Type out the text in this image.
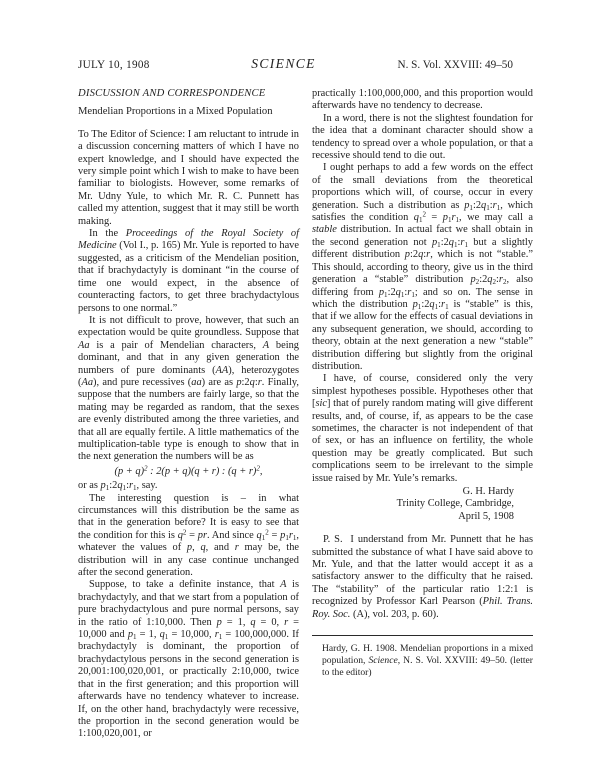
JULY 10, 1908	SCIENCE	N. S. Vol. XXVIII: 49–50
DISCUSSION AND CORRESPONDENCE
Mendelian Proportions in a Mixed Population

To The Editor of Science: I am reluctant to intrude in a discussion concerning matters of which I have no expert knowledge, and I should have expected the very simple point which I wish to make to have been familiar to biologists. However, some remarks of Mr. Udny Yule, to which Mr. R. C. Punnett has called my attention, suggest that it may still be worth making.

In the Proceedings of the Royal Society of Medicine (Vol I., p. 165) Mr. Yule is reported to have suggested, as a criticism of the Mendelian position, that if brachydactyly is dominant “in the course of time one would expect, in the absence of counteracting factors, to get three brachydactylous persons to one normal.”

It is not difficult to prove, however, that such an expectation would be quite groundless. Suppose that Aa is a pair of Mendelian characters, A being dominant, and that in any given generation the numbers of pure dominants (AA), heterozygotes (Aa), and pure recessives (aa) are as p:2q:r. Finally, suppose that the numbers are fairly large, so that the mating may be regarded as random, that the sexes are evenly distributed among the three varieties, and that all are equally fertile. A little mathematics of the multiplication-table type is enough to show that in the next generation the numbers will be as

$(p + q)^2$ : 2(p + q)(q + r) : $(q + r)^2$,

or as $p_1:2q_1:r_1$, say.

The interesting question is – in what circumstances will this distribution be the same as that in the generation before? It is easy to see that the condition for this is $q^2$ = pr. And since $q_1^2 = p_1r_1$, whatever the values of p, q, and r may be, the distribution will in any case continue unchanged after the second generation.

Suppose, to take a definite instance, that A is brachydactyly, and that we start from a population of pure brachydactylous and pure normal persons, say in the ratio of 1:10,000. Then p = 1, q = 0, r = 10,000 and $p_1 = 1$, $q_1 = 10,000$, $r_1 = 100,000,000$. If brachydactyly is dominant, the proportion of brachydactylous persons in the second generation is 20,001:100,020,001, or practically 2:10,000, twice that in the first generation; and this proportion will afterwards have no tendency whatever to increase. If, on the other hand, brachydactyly were recessive, the proportion in the second generation would be 1:100,020,001, or

practically 1:100,000,000, and this proportion would afterwards have no tendency to decrease.

In a word, there is not the slightest foundation for the idea that a dominant character should show a tendency to spread over a whole population, or that a recessive should tend to die out.

I ought perhaps to add a few words on the effect of the small deviations from the theoretical proportions which will, of course, occur in every generation. Such a distribution as $p_1:2q_1:r_1$, which satisfies the condition $q_1^2 = p_1r_1$, we may call a stable distribution. In actual fact we shall obtain in the second generation not $p_1:2q_1:r_1$ but a slightly different distribution p:2q:r, which is not “stable.” This should, according to theory, give us in the third generation a “stable” distribution $p_2:2q_2:r_2$, also differing from $p_1:2q_1:r_1$; and so on. The sense in which the distribution $p_1:2q_1:r_1$ is “stable” is this, that if we allow for the effects of casual deviations in any subsequent generation, we should, according to theory, obtain at the next generation a new “stable” distribution differing but slightly from the original distribution.

I have, of course, considered only the very simplest hypotheses possible. Hypotheses other that [sic] that of purely random mating will give different results, and, of course, if, as appears to be the case sometimes, the character is not independent of that of sex, or has an influence on fertility, the whole question may be greatly complicated. But such complications seem to be irrelevant to the simple issue raised by Mr. Yule’s remarks.

G. H. Hardy
Trinity College, Cambridge,
April 5, 1908

P. S.  I understand from Mr. Punnett that he has submitted the substance of what I have said above to Mr. Yule, and that the latter would accept it as a satisfactory answer to the difficulty that he raised. The “stability” of the particular ratio 1:2:1 is recognized by Professor Karl Pearson (Phil. Trans. Roy. Soc. (A), vol. 203, p. 60).

Hardy, G. H. 1908. Mendelian proportions in a mixed population, Science, N. S. Vol. XXVIII: 49–50. (letter to the editor)
